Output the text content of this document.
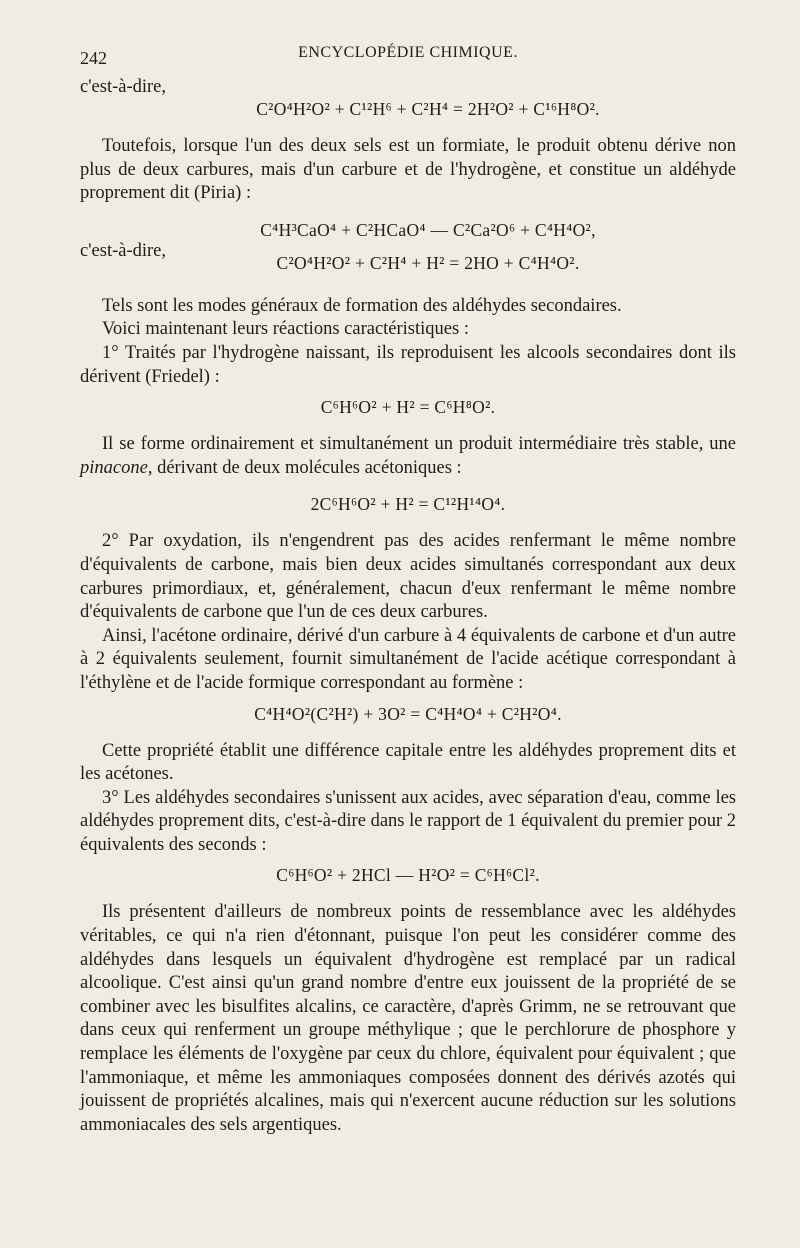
242	ENCYCLOPÉDIE CHIMIQUE.
c'est-à-dire,
C²O⁴H²O² + C¹²H⁶ + C²H⁴ = 2H²O² + C¹⁶H⁸O².

Toutefois, lorsque l'un des deux sels est un formiate, le produit obtenu dérive non plus de deux carbures, mais d'un carbure et de l'hydrogène, et constitue un aldéhyde proprement dit (Piria) :

C⁴H³CaO⁴ + C²HCaO⁴ — C²Ca²O⁶ + C⁴H⁴O²,
c'est-à-dire,
C²O⁴H²O² + C²H⁴ + H² = 2HO + C⁴H⁴O².

Tels sont les modes généraux de formation des aldéhydes secondaires.

Voici maintenant leurs réactions caractéristiques :

1° Traités par l'hydrogène naissant, ils reproduisent les alcools secondaires dont ils dérivent (Friedel) :

C⁶H⁶O² + H² = C⁶H⁸O².

Il se forme ordinairement et simultanément un produit intermédiaire très stable, une pinacone, dérivant de deux molécules acétoniques :

2C⁶H⁶O² + H² = C¹²H¹⁴O⁴.

2° Par oxydation, ils n'engendrent pas des acides renfermant le même nombre d'équivalents de carbone, mais bien deux acides simultanés correspondant aux deux carbures primordiaux, et, généralement, chacun d'eux renfermant le même nombre d'équivalents de carbone que l'un de ces deux carbures.

Ainsi, l'acétone ordinaire, dérivé d'un carbure à 4 équivalents de carbone et d'un autre à 2 équivalents seulement, fournit simultanément de l'acide acétique correspondant à l'éthylène et de l'acide formique correspondant au formène :

C⁴H⁴O²(C²H²) + 3O² = C⁴H⁴O⁴ + C²H²O⁴.

Cette propriété établit une différence capitale entre les aldéhydes proprement dits et les acétones.

3° Les aldéhydes secondaires s'unissent aux acides, avec séparation d'eau, comme les aldéhydes proprement dits, c'est-à-dire dans le rapport de 1 équivalent du premier pour 2 équivalents des seconds :

C⁶H⁶O² + 2HCl — H²O² = C⁶H⁶Cl².

Ils présentent d'ailleurs de nombreux points de ressemblance avec les aldéhydes véritables, ce qui n'a rien d'étonnant, puisque l'on peut les considérer comme des aldéhydes dans lesquels un équivalent d'hydrogène est remplacé par un radical alcoolique. C'est ainsi qu'un grand nombre d'entre eux jouissent de la propriété de se combiner avec les bisulfites alcalins, ce caractère, d'après Grimm, ne se retrouvant que dans ceux qui renferment un groupe méthylique ; que le perchlorure de phosphore y remplace les éléments de l'oxygène par ceux du chlore, équivalent pour équivalent ; que l'ammoniaque, et même les ammoniaques composées donnent des dérivés azotés qui jouissent de propriétés alcalines, mais qui n'exercent aucune réduction sur les solutions ammoniacales des sels argentiques.
